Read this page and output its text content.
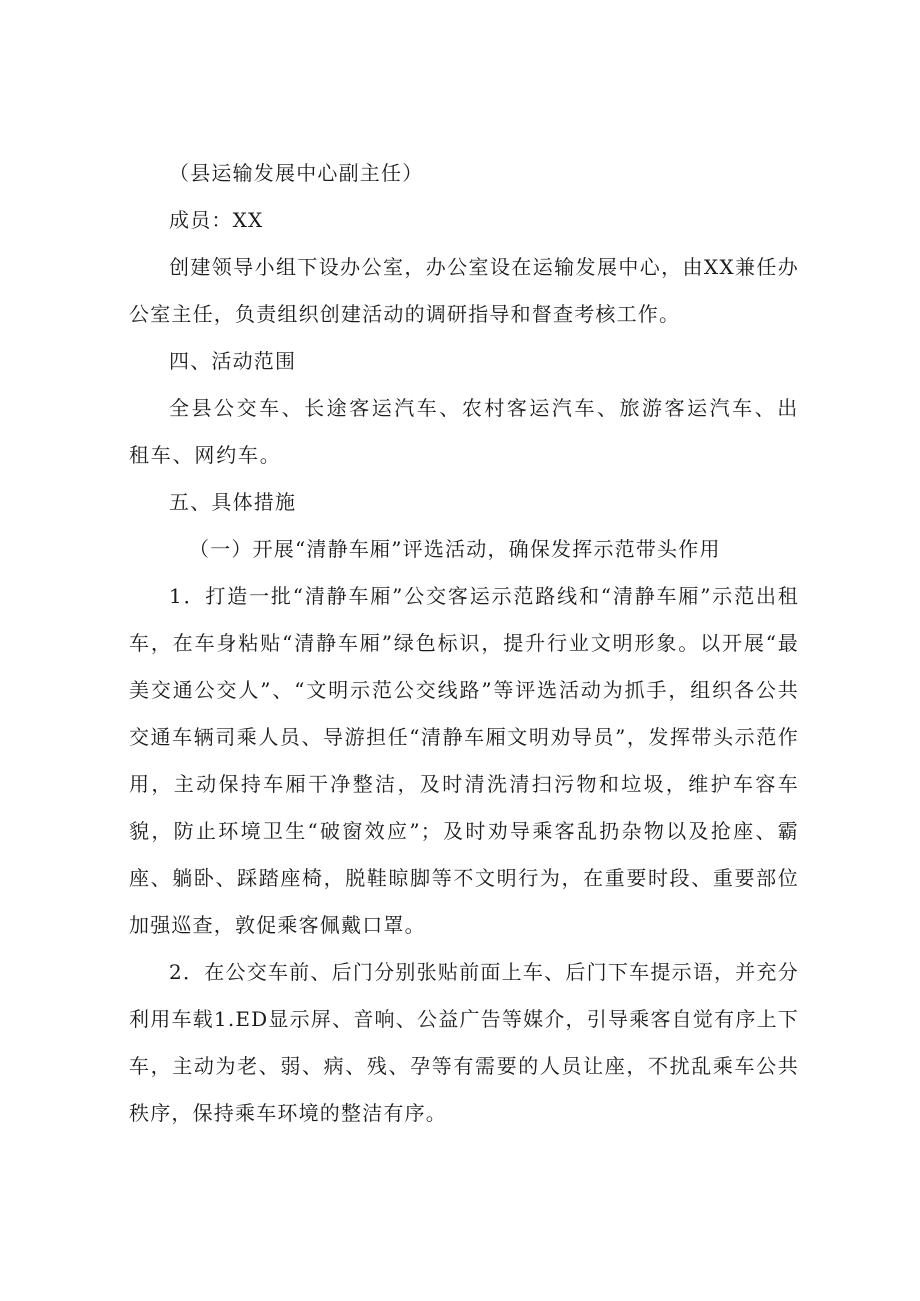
（县运输发展中心副主任）

成员：XX

创建领导小组下设办公室，办公室设在运输发展中心，由XX兼任办公室主任，负责组织创建活动的调研指导和督查考核工作。

四、活动范围

全县公交车、长途客运汽车、农村客运汽车、旅游客运汽车、出租车、网约车。

五、具体措施

（一）开展“清静车厢”评选活动，确保发挥示范带头作用

1．打造一批“清静车厢”公交客运示范路线和“清静车厢”示范出租车，在车身粘贴“清静车厢”绿色标识，提升行业文明形象。以开展“最美交通公交人”、“文明示范公交线路”等评选活动为抓手，组织各公共交通车辆司乘人员、导游担任“清静车厢文明劝导员”，发挥带头示范作用，主动保持车厢干净整洁，及时清洗清扫污物和垃圾，维护车容车貌，防止环境卫生“破窗效应”；及时劝导乘客乱扔杂物以及抢座、霸座、躺卧、踩踏座椅，脱鞋晾脚等不文明行为，在重要时段、重要部位加强巡查，敦促乘客佩戴口罩。

2．在公交车前、后门分别张贴前面上车、后门下车提示语，并充分利用车载1.ED显示屏、音响、公益广告等媒介，引导乘客自觉有序上下车，主动为老、弱、病、残、孕等有需要的人员让座，不扰乱乘车公共秩序，保持乘车环境的整洁有序。
